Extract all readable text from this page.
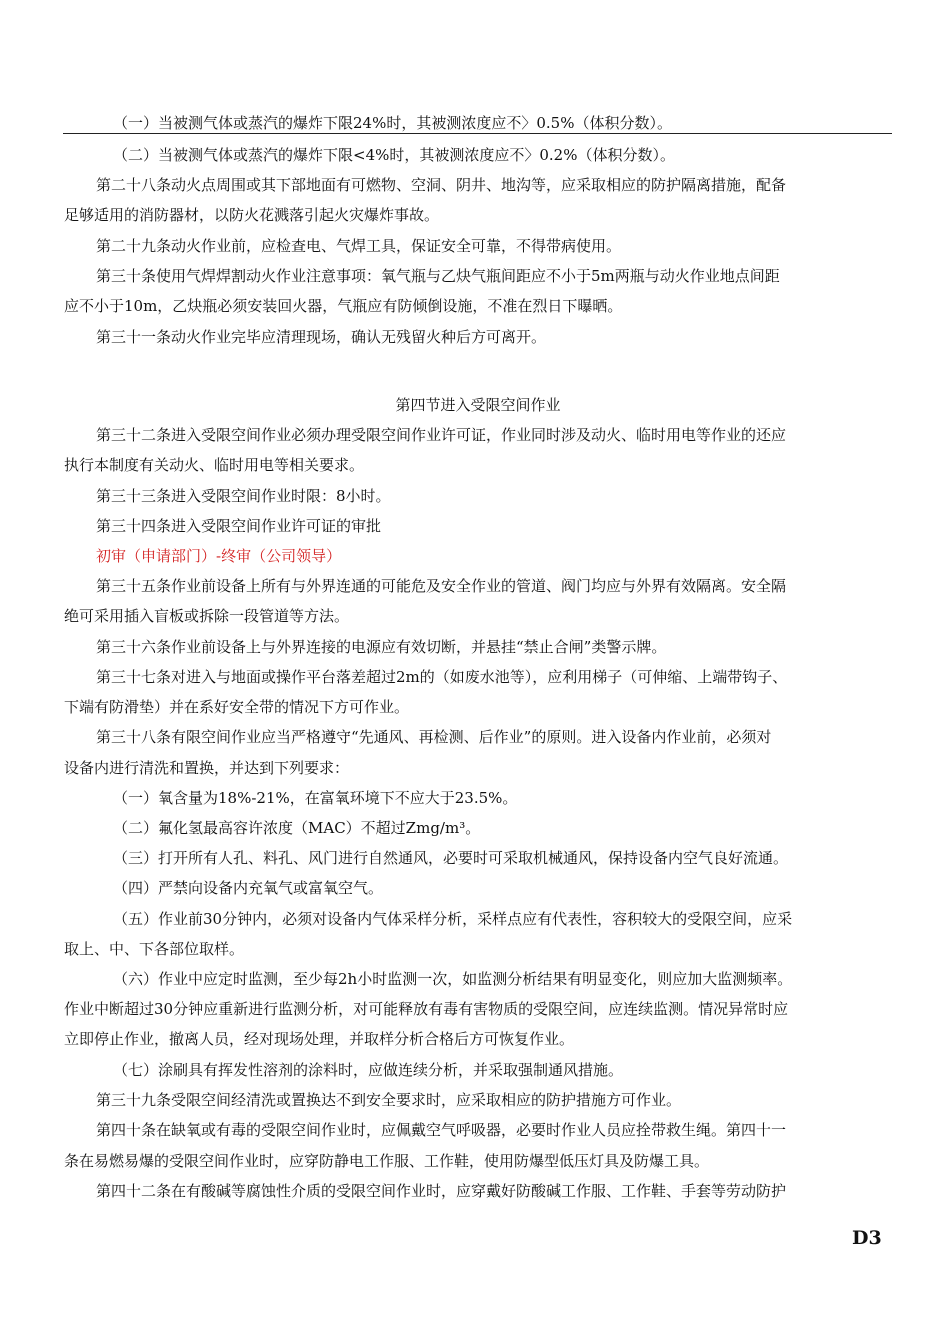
（一）当被测气体或蒸汽的爆炸下限24%时，其被测浓度应不〉0.5%（体积分数）。
（二）当被测气体或蒸汽的爆炸下限<4%时，其被测浓度应不〉0.2%（体积分数）。
第二十八条动火点周围或其下部地面有可燃物、空洞、阴井、地沟等，应采取相应的防护隔离措施，配备
足够适用的消防器材，以防火花溅落引起火灾爆炸事故。
第二十九条动火作业前，应检查电、气焊工具，保证安全可靠，不得带病使用。
第三十条使用气焊焊割动火作业注意事项：氧气瓶与乙炔气瓶间距应不小于5m两瓶与动火作业地点间距
应不小于10m，乙炔瓶必须安装回火器，气瓶应有防倾倒设施，不准在烈日下曝晒。
第三十一条动火作业完毕应清理现场，确认无残留火种后方可离开。
第四节进入受限空间作业
第三十二条进入受限空间作业必须办理受限空间作业许可证，作业同时涉及动火、临时用电等作业的还应
执行本制度有关动火、临时用电等相关要求。
第三十三条进入受限空间作业时限：8小时。
第三十四条进入受限空间作业许可证的审批
初审（申请部门）-终审（公司领导）
第三十五条作业前设备上所有与外界连通的可能危及安全作业的管道、阀门均应与外界有效隔离。安全隔
绝可采用插入盲板或拆除一段管道等方法。
第三十六条作业前设备上与外界连接的电源应有效切断，并悬挂“禁止合闸”类警示牌。
第三十七条对进入与地面或操作平台落差超过2m的（如废水池等），应利用梯子（可伸缩、上端带钩子、
下端有防滑垫）并在系好安全带的情况下方可作业。
第三十八条有限空间作业应当严格遵守“先通风、再检测、后作业”的原则。进入设备内作业前，必须对
设备内进行清洗和置换，并达到下列要求：
（一）氧含量为18%-21%，在富氧环境下不应大于23.5%。
（二）氟化氢最高容许浓度（MAC）不超过Zmg/m³。
（三）打开所有人孔、料孔、风门进行自然通风，必要时可采取机械通风，保持设备内空气良好流通。
（四）严禁向设备内充氧气或富氧空气。
（五）作业前30分钟内，必须对设备内气体采样分析，采样点应有代表性，容积较大的受限空间，应采
取上、中、下各部位取样。
（六）作业中应定时监测，至少每2h小时监测一次，如监测分析结果有明显变化，则应加大监测频率。
作业中断超过30分钟应重新进行监测分析，对可能释放有毒有害物质的受限空间，应连续监测。情况异常时应
立即停止作业，撤离人员，经对现场处理，并取样分析合格后方可恢复作业。
（七）涂刷具有挥发性溶剂的涂料时，应做连续分析，并采取强制通风措施。
第三十九条受限空间经清洗或置换达不到安全要求时，应采取相应的防护措施方可作业。
第四十条在缺氧或有毒的受限空间作业时，应佩戴空气呼吸器，必要时作业人员应拴带救生绳。第四十一
条在易燃易爆的受限空间作业时，应穿防静电工作服、工作鞋，使用防爆型低压灯具及防爆工具。
第四十二条在有酸碱等腐蚀性介质的受限空间作业时，应穿戴好防酸碱工作服、工作鞋、手套等劳动防护
D3
